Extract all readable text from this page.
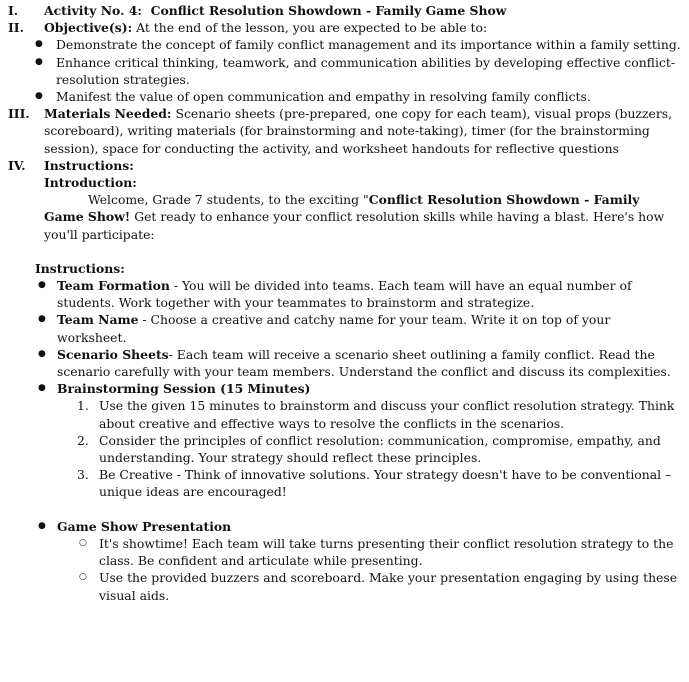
I.	Activity No. 4: Conflict Resolution Showdown - Family Game Show
II.	Objective(s): At the end of the lesson, you are expected to be able to:
● Demonstrate the concept of family conflict management and its importance within a family setting.
● Enhance critical thinking, teamwork, and communication abilities by developing effective conflict-resolution strategies.
● Manifest the value of open communication and empathy in resolving family conflicts.
III.	Materials Needed: Scenario sheets (pre-prepared, one copy for each team), visual props (buzzers, scoreboard), writing materials (for brainstorming and note-taking), timer (for the brainstorming session), space for conducting the activity, and worksheet handouts for reflective questions
IV.	Instructions:
Introduction:
Welcome, Grade 7 students, to the exciting "Conflict Resolution Showdown - Family Game Show! Get ready to enhance your conflict resolution skills while having a blast. Here's how you'll participate:
Instructions:
● Team Formation - You will be divided into teams. Each team will have an equal number of students. Work together with your teammates to brainstorm and strategize.
● Team Name - Choose a creative and catchy name for your team. Write it on top of your worksheet.
● Scenario Sheets- Each team will receive a scenario sheet outlining a family conflict. Read the scenario carefully with your team members. Understand the conflict and discuss its complexities.
● Brainstorming Session (15 Minutes)
1. Use the given 15 minutes to brainstorm and discuss your conflict resolution strategy. Think about creative and effective ways to resolve the conflicts in the scenarios.
2. Consider the principles of conflict resolution: communication, compromise, empathy, and understanding. Your strategy should reflect these principles.
3. Be Creative - Think of innovative solutions. Your strategy doesn't have to be conventional – unique ideas are encouraged!
● Game Show Presentation
○ It's showtime! Each team will take turns presenting their conflict resolution strategy to the class. Be confident and articulate while presenting.
○ Use the provided buzzers and scoreboard. Make your presentation engaging by using these visual aids.
